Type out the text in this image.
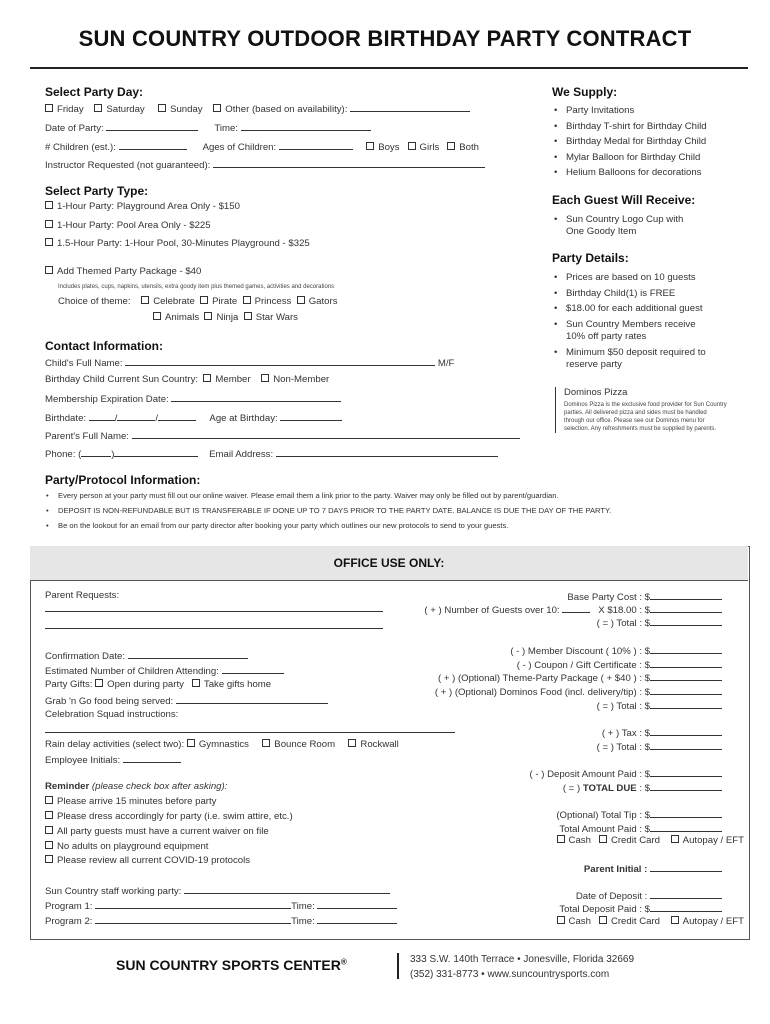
SUN COUNTRY OUTDOOR BIRTHDAY PARTY CONTRACT
Select Party Day:
Friday Saturday	Sunday Other (based on availability):
Date of Party:	Time:
# Children (est.):	Ages of Children:	Boys Girls Both
Instructor Requested (not guaranteed):
Select Party Type:
1-Hour Party: Playground Area Only - $150
1-Hour Party: Pool Area Only - $225
1.5-Hour Party: 1-Hour Pool, 30-Minutes Playground - $325
Add Themed Party Package - $40
Includes plates, cups, napkins, utensils, extra goody item plus themed games, activities and decorations
Choice of theme: Celebrate Pirate Princess Gators
Animals Ninja Star Wars
Contact Information:
Child's Full Name:	M/F
Birthday Child Current Sun Country: Member Non-Member
Membership Expiration Date:
Birthdate:	/	/	Age at Birthday:
Parent's Full Name:
Phone: (	)	Email Address:
We Supply:
• Party Invitations
• Birthday T-shirt for Birthday Child
• Birthday Medal for Birthday Child
• Mylar Balloon for Birthday Child
• Helium Balloons for decorations
Each Guest Will Receive:
• Sun Country Logo Cup with
One Goody Item
Party Details:
• Prices are based on 10 guests
• Birthday Child(1) is FREE
• $18.00 for each additional guest
• Sun Country Members receive
10% off party rates
• Minimum $50 deposit required to
reserve party
Dominos Pizza
Dominos Pizza is the exclusive food provider for Sun Country
parties. All delivered pizza and sides must be handled
through our office. Please see our Dominos menu for
selection. Any refreshments must be supplied by parents.
Party/Protocol Information:
• Every person at your party must fill out our online waiver. Please email them a link prior to the party. Waiver may only be filled out by parent/guardian.
• DEPOSIT IS NON-REFUNDABLE BUT IS TRANSFERABLE IF DONE UP TO 7 DAYS PRIOR TO THE PARTY DATE. BALANCE IS DUE THE DAY OF THE PARTY.
• Be on the lookout for an email from our party director after booking your party which outlines our new protocols to send to your guests.
OFFICE USE ONLY:
Parent Requests:
Confirmation Date:
Estimated Number of Children Attending:
Party Gifts: Open during party Take gifts home
Grab 'n Go food being served:
Celebration Squad instructions:
Rain delay activities (select two): Gymnastics	Bounce Room	Rockwall
Employee Initials:
Reminder (please check box after asking):
Please arrive 15 minutes before party
Please dress accordingly for party (i.e. swim attire, etc.)
All party guests must have a current waiver on file
No adults on playground equipment
Please review all current COVID-19 protocols
Sun Country staff working party:
Program 1:	Time:
Program 2:	Time:
Base Party Cost : $
( + ) Number of Guests over 10:	X $18.00 : $
( = ) Total : $
( - ) Member Discount ( 10% ) : $
( - ) Coupon / Gift Certificate : $
( + ) (Optional) Theme-Party Package ( + $40 ) : $
( + ) (Optional) Dominos Food (incl. delivery/tip) : $
( = ) Total : $
( + ) Tax : $
( = ) Total : $
( - ) Deposit Amount Paid : $
( = ) TOTAL DUE : $
(Optional) Total Tip : $
Total Amount Paid : $
Cash Credit Card Autopay / EFT
Parent Initial :
Date of Deposit :
Total Deposit Paid : $
Cash Credit Card Autopay / EFT
SUN COUNTRY SPORTS CENTER®	333 S.W. 140th Terrace • Jonesville, Florida 32669
(352) 331-8773 • www.suncountrysports.com
